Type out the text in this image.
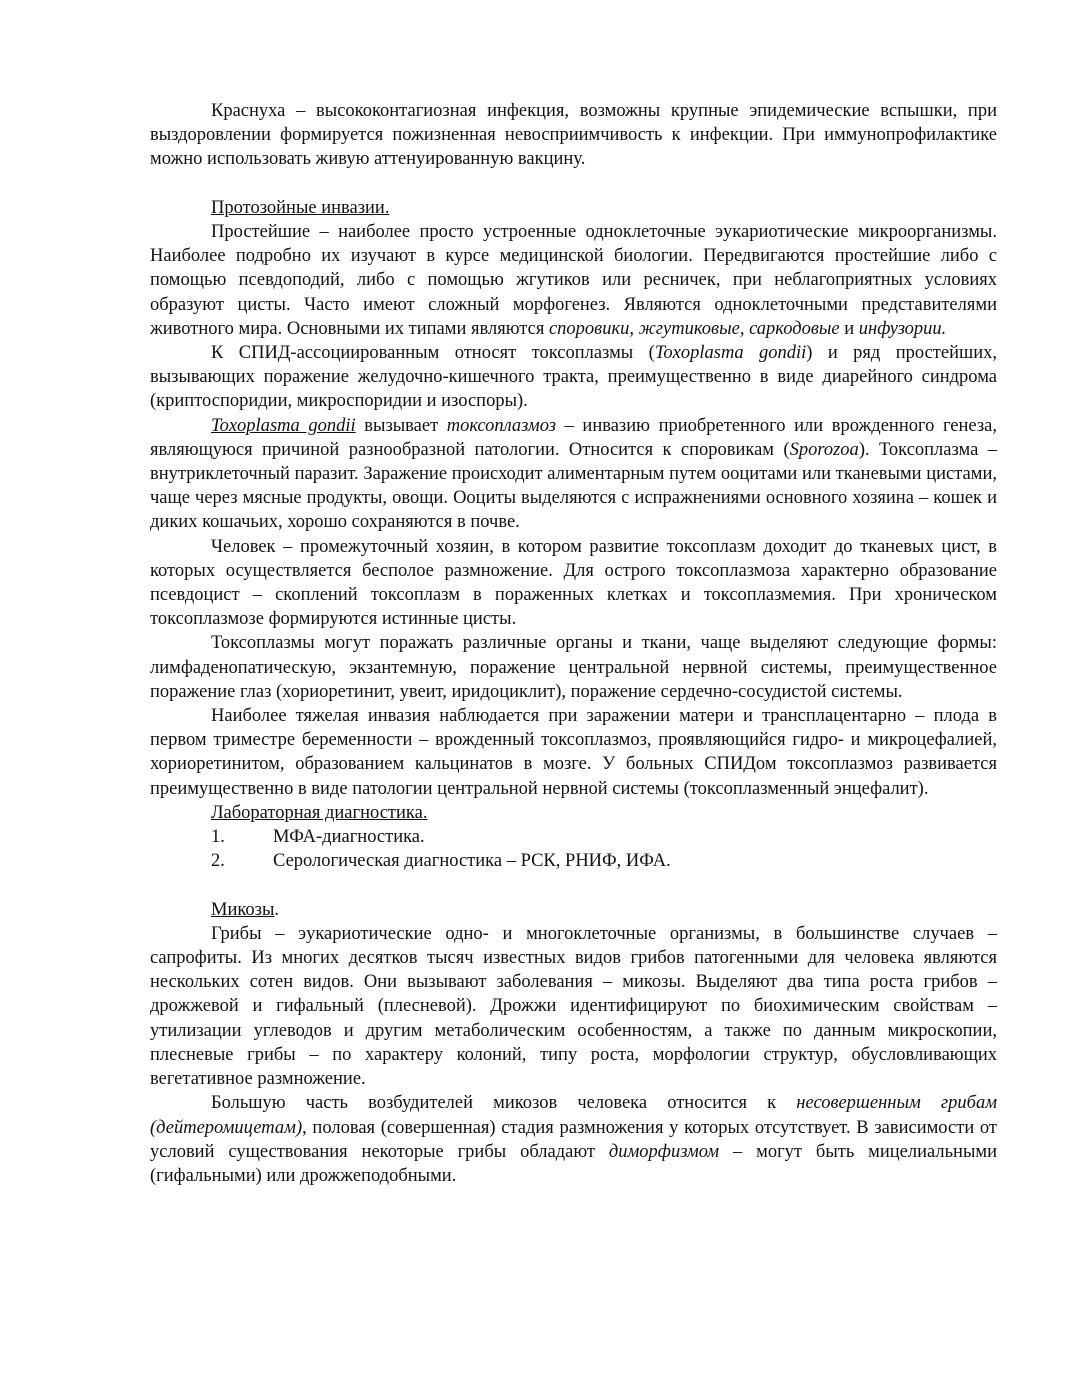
Краснуха – высококонтагиозная инфекция, возможны крупные эпидемические вспышки, при выздоровлении формируется пожизненная невосприимчивость к инфекции. При иммунопрофилактике можно использовать живую аттенуированную вакцину.

Протозойные инвазии.

Простейшие – наиболее просто устроенные одноклеточные эукариотические микроорганизмы. Наиболее подробно их изучают в курсе медицинской биологии. Передвигаются простейшие либо с помощью псевдоподий, либо с помощью жгутиков или ресничек, при неблагоприятных условиях образуют цисты. Часто имеют сложный морфогенез. Являются одноклеточными представителями животного мира. Основными их типами являются споровики, жгутиковые, саркодовые и инфузории.

К СПИД-ассоциированным относят токсоплазмы (Toxoplasma gondii) и ряд простейших, вызывающих поражение желудочно-кишечного тракта, преимущественно в виде диарейного синдрома (криптоспоридии, микроспоридии и изоспоры).

Toxoplasma gondii вызывает токсоплазмоз – инвазию приобретенного или врожденного генеза, являющуюся причиной разнообразной патологии. Относится к споровикам (Sporozoa). Токсоплазма – внутриклеточный паразит. Заражение происходит алиментарным путем ооцитами или тканевыми цистами, чаще через мясные продукты, овощи. Ооциты выделяются с испражнениями основного хозяина – кошек и диких кошачьих, хорошо сохраняются в почве.

Человек – промежуточный хозяин, в котором развитие токсоплазм доходит до тканевых цист, в которых осуществляется бесполое размножение. Для острого токсоплазмоза характерно образование псевдоцист – скоплений токсоплазм в пораженных клетках и токсоплазмемия. При хроническом токсоплазмозе формируются истинные цисты.

Токсоплазмы могут поражать различные органы и ткани, чаще выделяют следующие формы: лимфаденопатическую, экзантемную, поражение центральной нервной системы, преимущественное поражение глаз (хориоретинит, увеит, иридоциклит), поражение сердечно-сосудистой системы.

Наиболее тяжелая инвазия наблюдается при заражении матери и трансплацентарно – плода в первом триместре беременности – врожденный токсоплазмоз, проявляющийся гидро- и микроцефалией, хориоретинитом, образованием кальцинатов в мозге. У больных СПИДом токсоплазмоз развивается преимущественно в виде патологии центральной нервной системы (токсоплазменный энцефалит).

Лабораторная диагностика.

1.	МФА-диагностика.
2.	Серологическая диагностика – РСК, РНИФ, ИФА.

Микозы.

Грибы – эукариотические одно- и многоклеточные организмы, в большинстве случаев – сапрофиты. Из многих десятков тысяч известных видов грибов патогенными для человека являются нескольких сотен видов. Они вызывают заболевания – микозы. Выделяют два типа роста грибов – дрожжевой и гифальный (плесневой). Дрожжи идентифицируют по биохимическим свойствам – утилизации углеводов и другим метаболическим особенностям, а также по данным микроскопии, плесневые грибы – по характеру колоний, типу роста, морфологии структур, обусловливающих вегетативное размножение.

Большую часть возбудителей микозов человека относится к несовершенным грибам (дейтеромицетам), половая (совершенная) стадия размножения у которых отсутствует. В зависимости от условий существования некоторые грибы обладают диморфизмом – могут быть мицелиальными (гифальными) или дрожжеподобными.
